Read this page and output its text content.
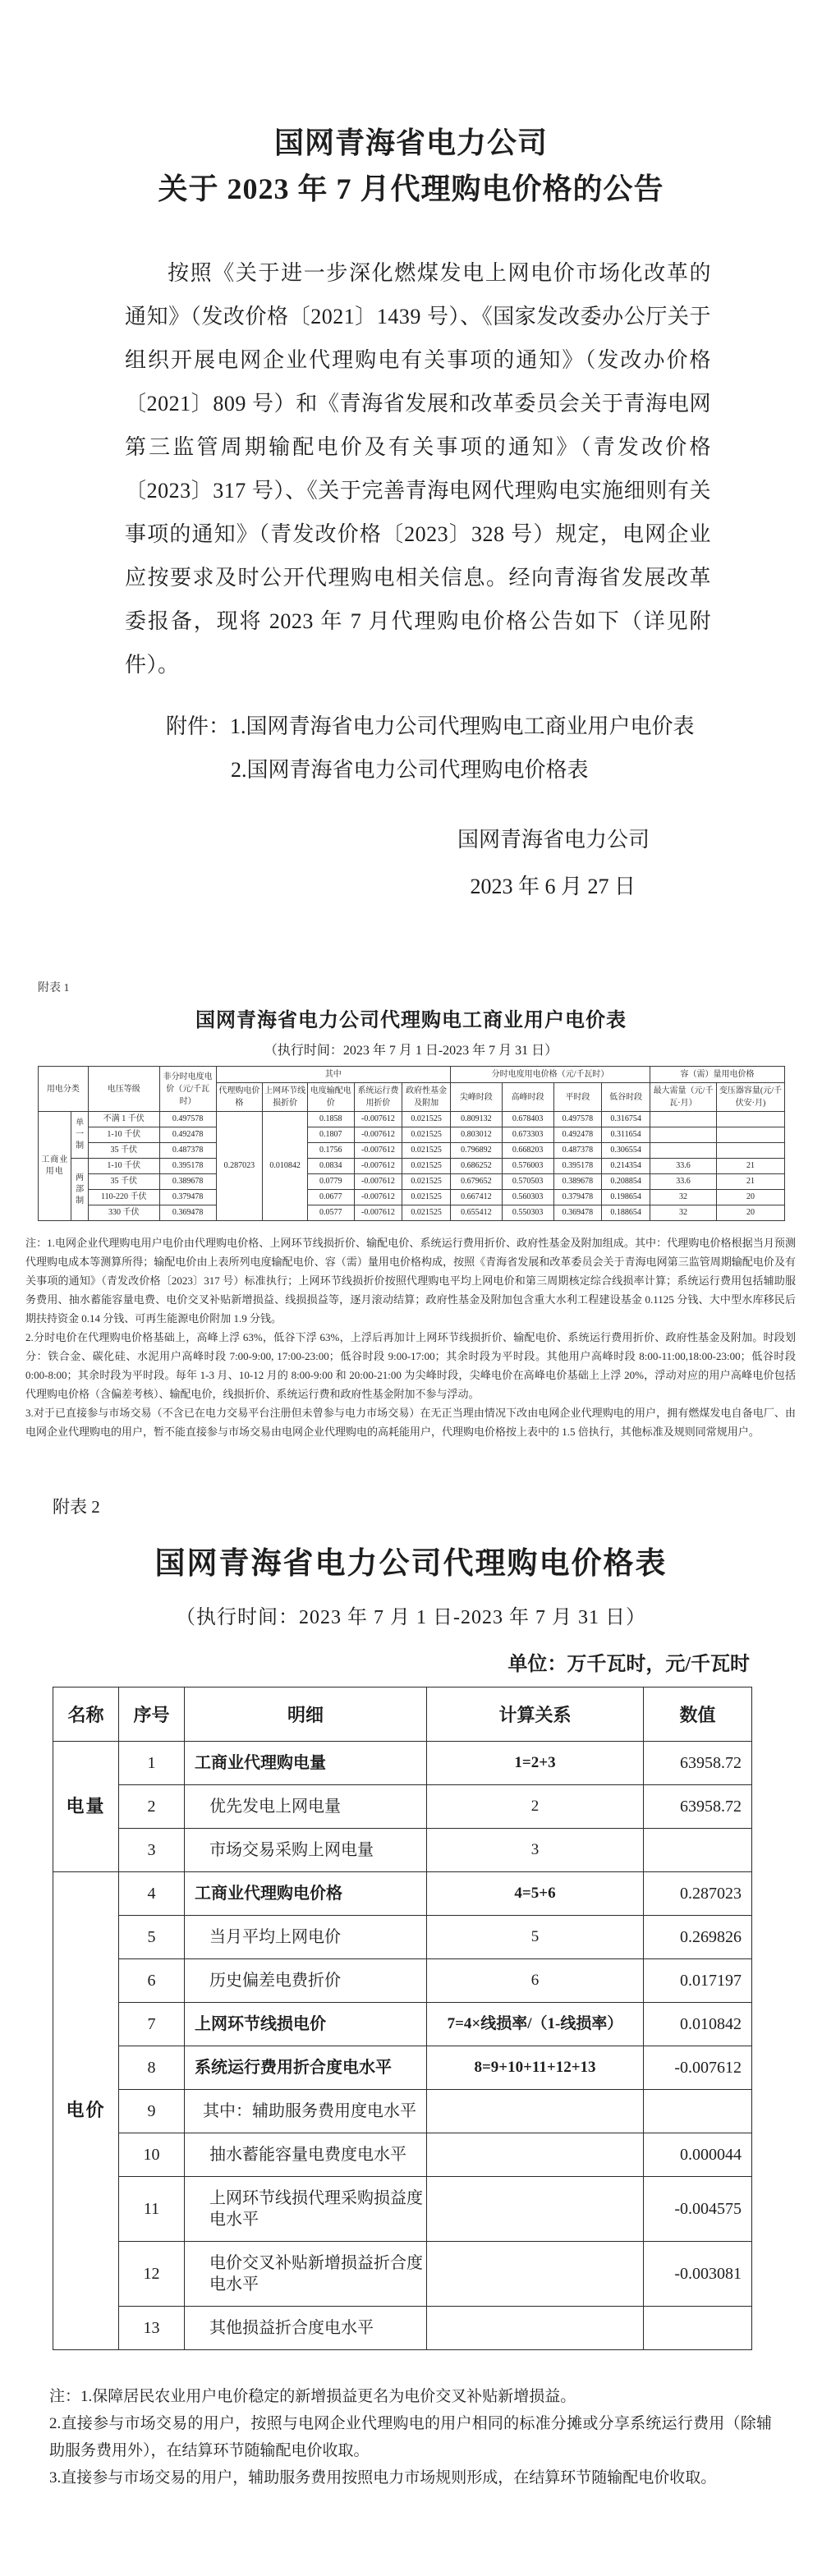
国网青海省电力公司
关于 2023 年 7 月代理购电价格的公告

按照《关于进一步深化燃煤发电上网电价市场化改革的通知》（发改价格〔2021〕1439 号）、《国家发改委办公厅关于组织开展电网企业代理购电有关事项的通知》（发改办价格〔2021〕809 号）和《青海省发展和改革委员会关于青海电网第三监管周期输配电价及有关事项的通知》（青发改价格〔2023〕317 号）、《关于完善青海电网代理购电实施细则有关事项的通知》（青发改价格〔2023〕328 号）规定，电网企业应按要求及时公开代理购电相关信息。经向青海省发展改革委报备，现将 2023 年 7 月代理购电价格公告如下（详见附件）。

附件：1.国网青海省电力公司代理购电工商业用户电价表
2.国网青海省电力公司代理购电价格表
国网青海省电力公司
2023 年 6 月 27 日
附表 1
国网青海省电力公司代理购电工商业用户电价表
（执行时间：2023 年 7 月 1 日-2023 年 7 月 31 日）
用电分类		电压等级	非分时电度电价（元/千瓦时）	其中					分时电度用电价格（元/千瓦时）				容（需）量用电价格	
				代理购电价格	上网环节线损折价	电度输配电价	系统运行费用折价	政府性基金及附加	尖峰时段	高峰时段	平时段	低谷时段	最大需量（元/千瓦·月）	变压器容量(元/千伏安·月)
工商业用电	单一制	不满 1 千伏	0.497578	0.287023	0.010842	0.1858	-0.007612	0.021525	0.809132	0.678403	0.497578	0.316754		
		1-10 千伏	0.492478			0.1807	-0.007612	0.021525	0.803012	0.673303	0.492478	0.311654		
		35 千伏	0.487378			0.1756	-0.007612	0.021525	0.796892	0.668203	0.487378	0.306554		
	两部制	1-10 千伏	0.395178			0.0834	-0.007612	0.021525	0.686252	0.576003	0.395178	0.214354	33.6	21
		35 千伏	0.389678			0.0779	-0.007612	0.021525	0.679652	0.570503	0.389678	0.208854	33.6	21
		110-220 千伏	0.379478			0.0677	-0.007612	0.021525	0.667412	0.560303	0.379478	0.198654	32	20
		330 千伏	0.369478			0.0577	-0.007612	0.021525	0.655412	0.550303	0.369478	0.188654	32	20

注：1.电网企业代理购电用户电价由代理购电价格、上网环节线损折价、输配电价、系统运行费用折价、政府性基金及附加组成。其中：代理购电价格根据当月预测代理购电成本等测算所得；输配电价由上表所列电度输配电价、容（需）量用电价格构成，按照《青海省发展和改革委员会关于青海电网第三监管周期输配电价及有关事项的通知》（青发改价格〔2023〕317 号）标准执行；上网环节线损折价按照代理购电平均上网电价和第三周期核定综合线损率计算；系统运行费用包括辅助服务费用、抽水蓄能容量电费、电价交叉补贴新增损益、线损损益等，逐月滚动结算；政府性基金及附加包含重大水利工程建设基金 0.1125 分钱、大中型水库移民后期扶持资金 0.14 分钱、可再生能源电价附加 1.9 分钱。

2.分时电价在代理购电价格基础上，高峰上浮 63%，低谷下浮 63%，上浮后再加计上网环节线损折价、输配电价、系统运行费用折价、政府性基金及附加。时段划分：铁合金、碳化硅、水泥用户高峰时段 7:00-9:00, 17:00-23:00；低谷时段 9:00-17:00；其余时段为平时段。其他用户高峰时段 8:00-11:00,18:00-23:00；低谷时段 0:00-8:00；其余时段为平时段。每年 1-3 月、10-12 月的 8:00-9:00 和 20:00-21:00 为尖峰时段，尖峰电价在高峰电价基础上上浮 20%，浮动对应的用户高峰电价包括代理购电价格（含偏差考核）、输配电价，线损折价、系统运行费和政府性基金附加不参与浮动。

3.对于已直接参与市场交易（不含已在电力交易平台注册但未曾参与电力市场交易）在无正当理由情况下改由电网企业代理购电的用户，拥有燃煤发电自备电厂、由电网企业代理购电的用户，暂不能直接参与市场交易由电网企业代理购电的高耗能用户，代理购电价格按上表中的 1.5 倍执行，其他标准及规则同常规用户。

附表 2
国网青海省电力公司代理购电价格表
（执行时间：2023 年 7 月 1 日-2023 年 7 月 31 日）
单位：万千瓦时，元/千瓦时
名称	序号	明细	计算关系	数值
电量	1	工商业代理购电量	1=2+3	63958.72
	2	优先发电上网电量	2	63958.72
	3	市场交易采购上网电量	3	
电价	4	工商业代理购电价格	4=5+6	0.287023
	5	当月平均上网电价	5	0.269826
	6	历史偏差电费折价	6	0.017197
	7	上网环节线损电价	7=4×线损率/（1-线损率）	0.010842
	8	系统运行费用折合度电水平	8=9+10+11+12+13	-0.007612
	9	其中：辅助服务费用度电水平		
	10	抽水蓄能容量电费度电水平		0.000044
	11	上网环节线损代理采购损益度电水平		-0.004575
	12	电价交叉补贴新增损益折合度电水平		-0.003081
	13	其他损益折合度电水平		

注：1.保障居民农业用户电价稳定的新增损益更名为电价交叉补贴新增损益。

2.直接参与市场交易的用户，按照与电网企业代理购电的用户相同的标准分摊或分享系统运行费用（除辅助服务费用外），在结算环节随输配电价收取。

3.直接参与市场交易的用户，辅助服务费用按照电力市场规则形成，在结算环节随输配电价收取。
